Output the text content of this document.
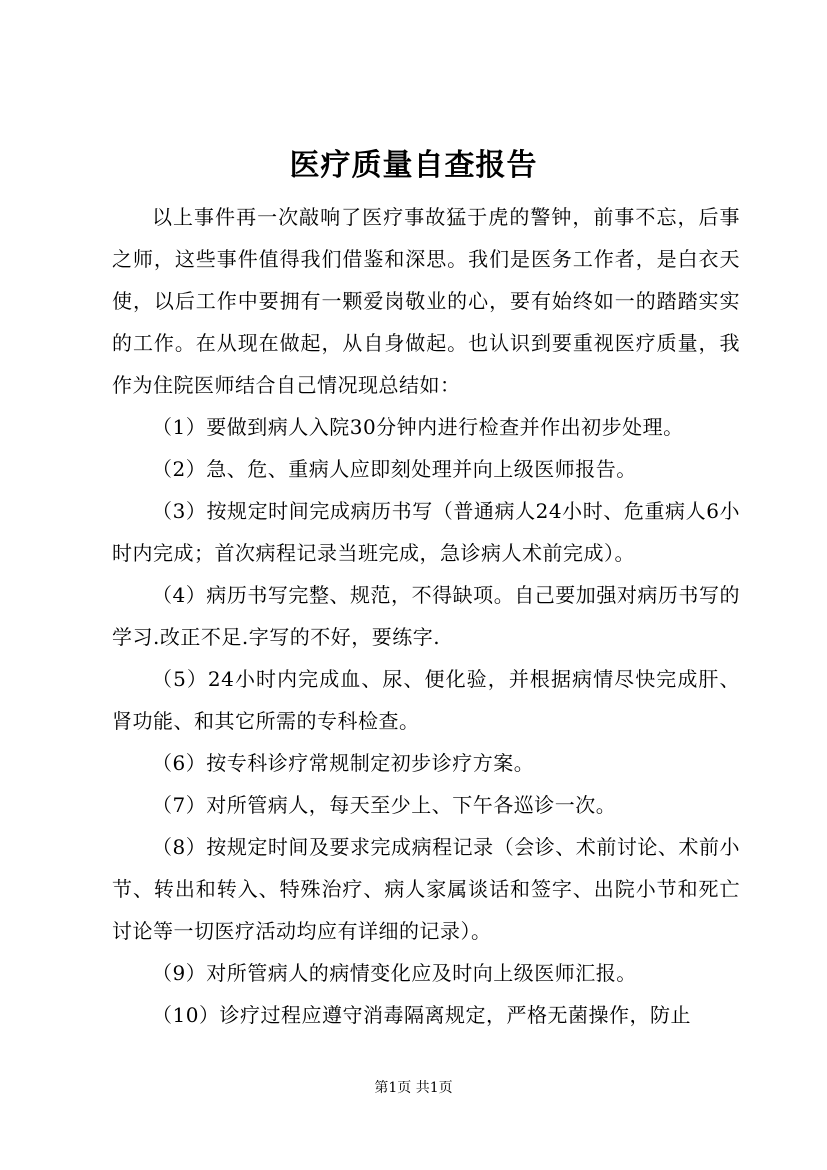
医疗质量自查报告

以上事件再一次敲响了医疗事故猛于虎的警钟，前事不忘，后事之师，这些事件值得我们借鉴和深思。我们是医务工作者，是白衣天使，以后工作中要拥有一颗爱岗敬业的心，要有始终如一的踏踏实实的工作。在从现在做起，从自身做起。也认识到要重视医疗质量，我作为住院医师结合自己情况现总结如：

（1）要做到病人入院30分钟内进行检查并作出初步处理。

（2）急、危、重病人应即刻处理并向上级医师报告。

（3）按规定时间完成病历书写（普通病人24小时、危重病人6小时内完成；首次病程记录当班完成，急诊病人术前完成）。

（4）病历书写完整、规范，不得缺项。自己要加强对病历书写的学习.改正不足.字写的不好，要练字.

（5）24小时内完成血、尿、便化验，并根据病情尽快完成肝、肾功能、和其它所需的专科检查。

（6）按专科诊疗常规制定初步诊疗方案。

（7）对所管病人，每天至少上、下午各巡诊一次。

（8）按规定时间及要求完成病程记录（会诊、术前讨论、术前小节、转出和转入、特殊治疗、病人家属谈话和签字、出院小节和死亡讨论等一切医疗活动均应有详细的记录）。

（9）对所管病人的病情变化应及时向上级医师汇报。

（10）诊疗过程应遵守消毒隔离规定，严格无菌操作，防止

第1页 共1页
